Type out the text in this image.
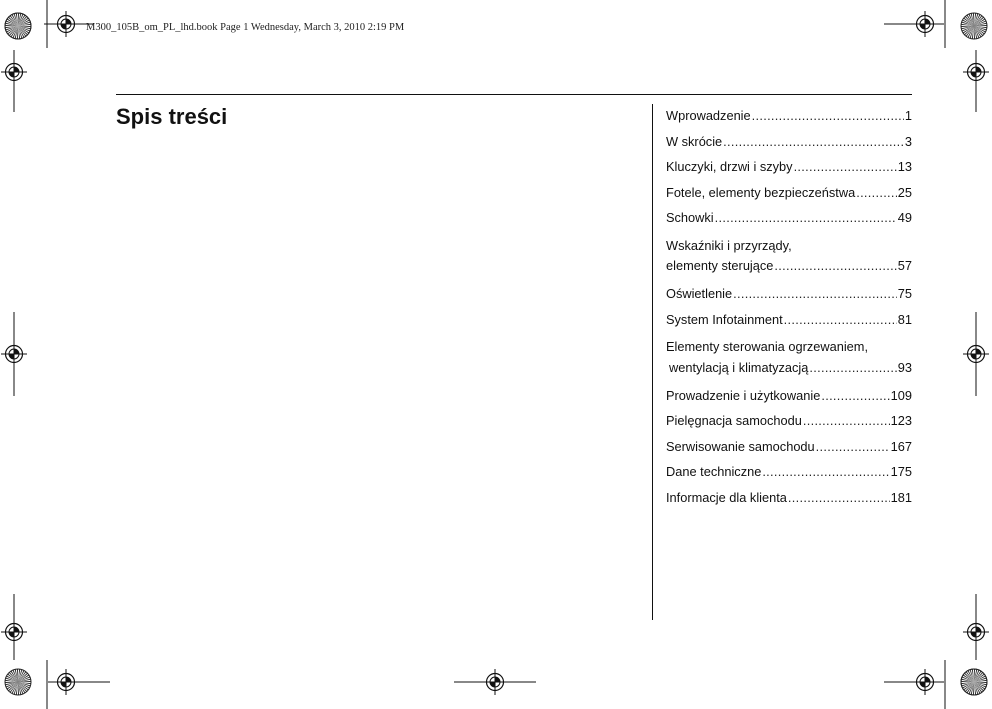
M300_105B_om_PL_lhd.book Page 1 Wednesday, March 3, 2010 2:19 PM
Spis treści	Wprowadzenie .....	1
W skrócie .....	3
Kluczyki, drzwi i szyby .....	13
Fotele, elementy bezpieczeństwa .....	25
Schowki .....	49
Wskaźniki i przyrządy,
elementy sterujące .....	57
Oświetlenie .....	75
System Infotainment .....	81
Elementy sterowania ogrzewaniem,
wentylacją i klimatyzacją .....	93
Prowadzenie i użytkowanie .....	109
Pielęgnacja samochodu .....	123
Serwisowanie samochodu .....	167
Dane techniczne .....	175
Informacje dla klienta .....	181
